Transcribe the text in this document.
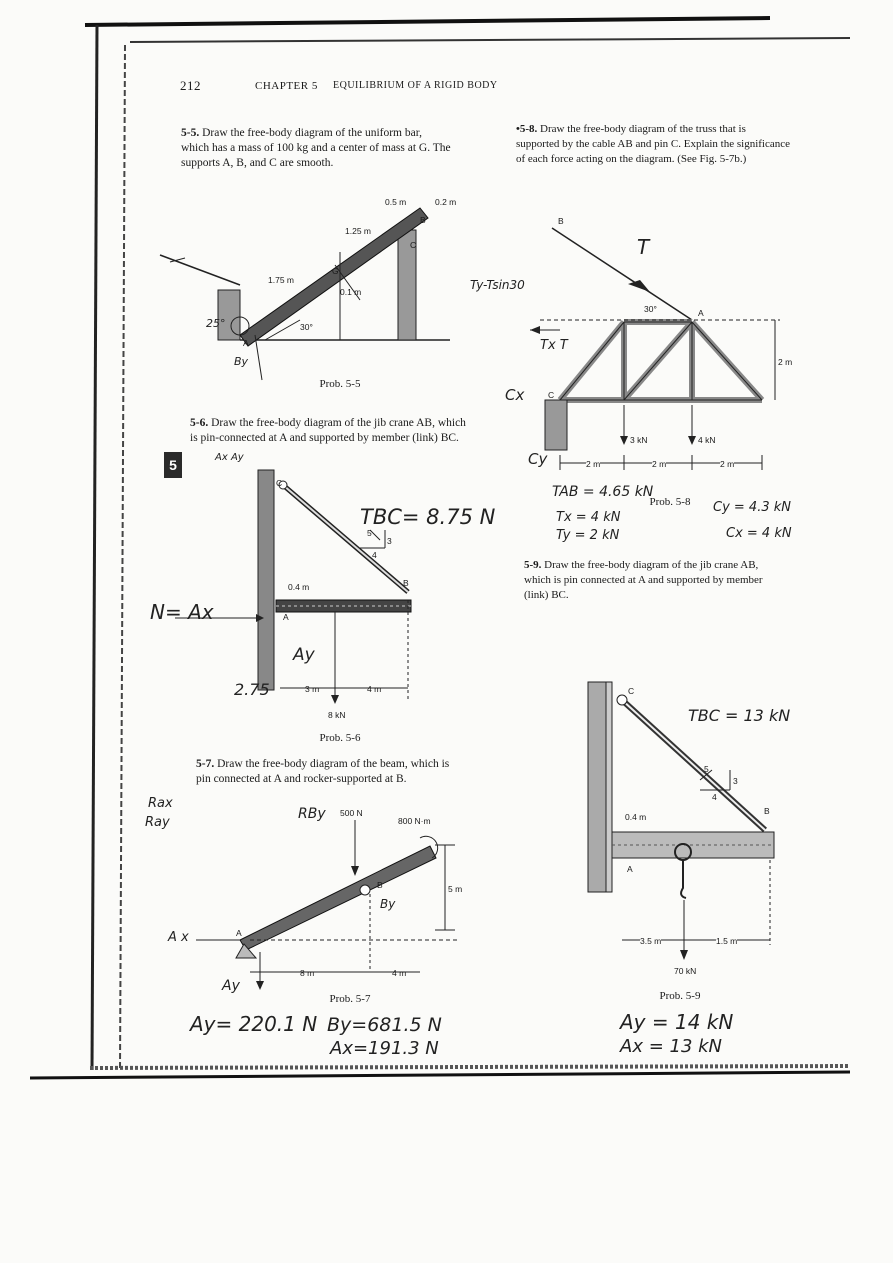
212	CHAPTER 5 EQUILIBRIUM OF A RIGID BODY
5
5-5. Draw the free-body diagram of the uniform bar,
which has a mass of 100 kg and a center of mass at G. The
supports A, B, and C are smooth.
0.5 m	0.2 m
1.25 m
1.75 m
0.1 m
30°
B
C
G
A
25°
By
Prob. 5-5
5-6. Draw the free-body diagram of the jib crane AB, which
is pin-connected at A and supported by member (link) BC.
Ax Ay
C
B
A
0.4 m
3 m	4 m
8 kN
4
3
5
TBC= 8.75 N
N= Ax
Ay
2.75
Prob. 5-6
5-7. Draw the free-body diagram of the beam, which is
pin connected at A and rocker-supported at B.
Rax
Ray
RBy 500 N
800 N·m
8 m	4 m
5 m
B
A
A x
Ay
By
Prob. 5-7
Ay= 220.1 N By=681.5 N
Ax=191.3 N
•5-8. Draw the free-body diagram of the truss that is
supported by the cable AB and pin C. Explain the significance
of each force acting on the diagram. (See Fig. 5-7b.)
B
A
C
30°
2 m
2 m	2 m	2 m
3 kN	4 kN
T
Ty-Tsin30
Tx T
Cx
Cy
Prob. 5-8
TAB = 4.65 kN
Tx = 4 kN
Ty = 2 kN
Cy = 4.3 kN
Cx = 4 kN
5-9. Draw the free-body diagram of the jib crane AB,
which is pin connected at A and supported by member
(link) BC.
C
B
A
0.4 m
3.5 m	1.5 m
70 kN
4
3
5
TBC = 13 kN
Prob. 5-9
Ay = 14 kN
Ax = 13 kN
